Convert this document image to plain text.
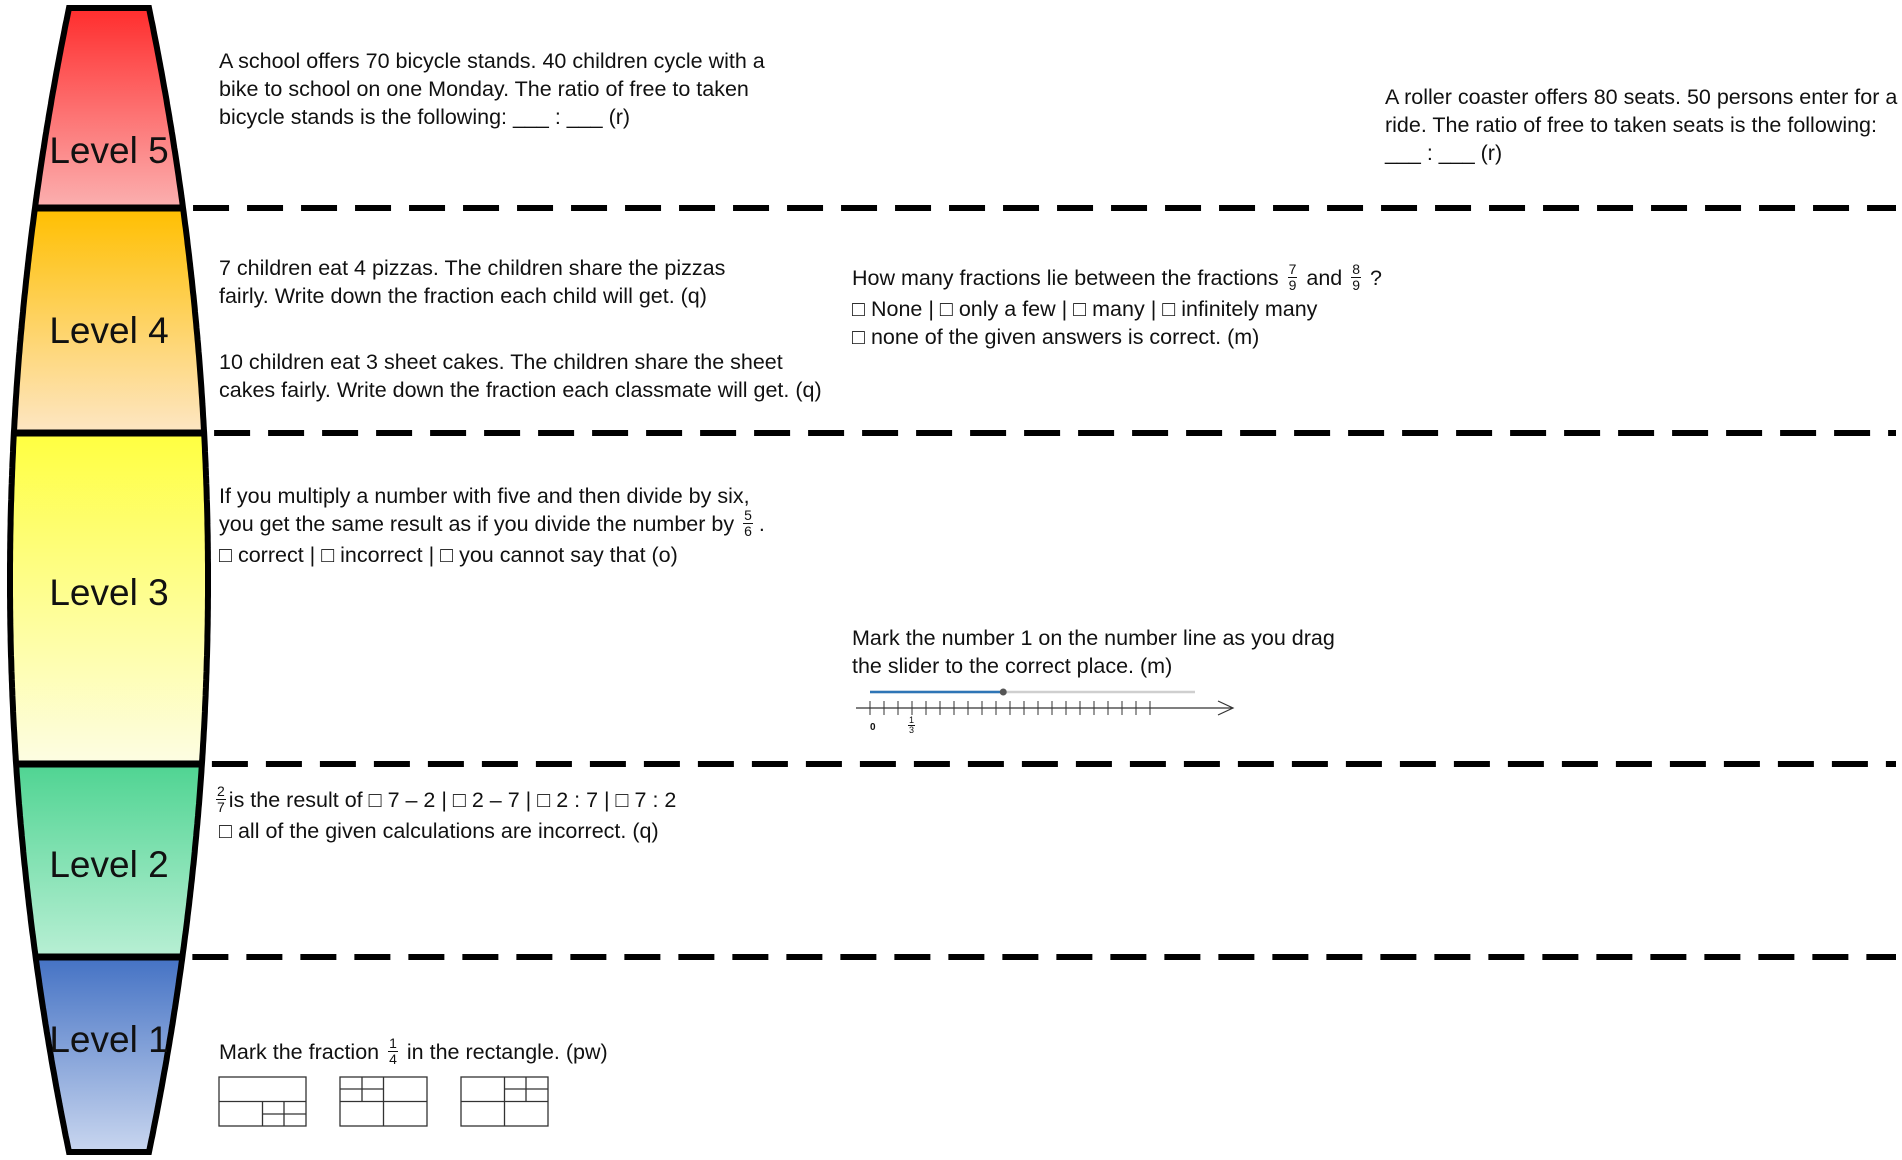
Level 5
Level 4
Level 3
Level 2
Level 1
A school offers 70 bicycle stands. 40 children cycle with a
bike to school on one Monday. The ratio of free to taken
bicycle stands is the following: ___ : ___ (r)
A roller coaster offers 80 seats. 50 persons enter for a
ride. The ratio of free to taken seats is the following:
___ : ___ (r)
7 children eat 4 pizzas. The children share the pizzas
fairly. Write down the fraction each child will get. (q)
10 children eat 3 sheet cakes. The children share the sheet
cakes fairly. Write down the fraction each classmate will get. (q)
How many fractions lie between the fractions $\frac{7}{9}$ and $\frac{8}{9}$ ?
□ None | □ only a few | □ many | □ infinitely many
□ none of the given answers is correct. (m)
If you multiply a number with five and then divide by six,
you get the same result as if you divide the number by $\frac{5}{6}$ .
□ correct | □ incorrect | □ you cannot say that (o)
Mark the number 1 on the number line as you drag
the slider to the correct place. (m)
0	$\frac{1}{3}$
$\frac{2}{7}$ is the result of □ 7 – 2 | □ 2 – 7 | □ 2 : 7 | □ 7 : 2
□ all of the given calculations are incorrect. (q)
Mark the fraction $\frac{1}{4}$ in the rectangle. (pw)
